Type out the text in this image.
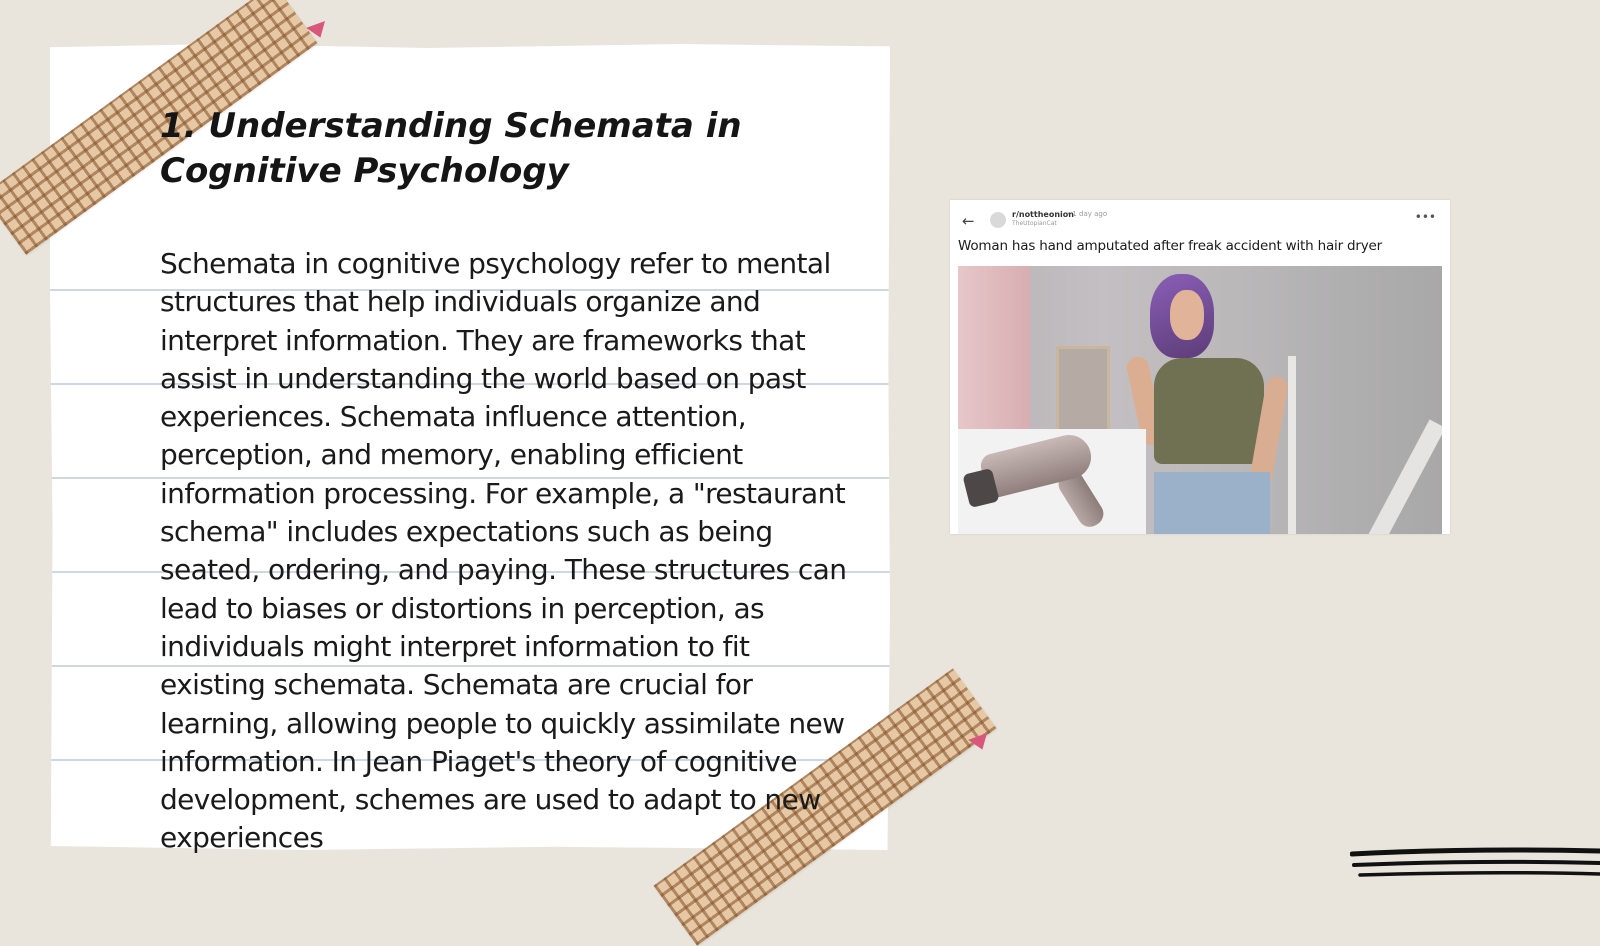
1. Understanding Schemata in Cognitive Psychology

Schemata in cognitive psychology refer to mental structures that help individuals organize and interpret information. They are frameworks that assist in understanding the world based on past experiences. Schemata influence attention, perception, and memory, enabling efficient information processing. For example, a "restaurant schema" includes expectations such as being seated, ordering, and paying. These structures can lead to biases or distortions in perception, as individuals might interpret information to fit existing schemata. Schemata are crucial for learning, allowing people to quickly assimilate new information. In Jean Piaget's theory of cognitive development, schemes are used to adapt to new experiences

←	r/nottheonion
• 1 day ago
TheUtopianCat	•••
Woman has hand amputated after freak accident with hair dryer
